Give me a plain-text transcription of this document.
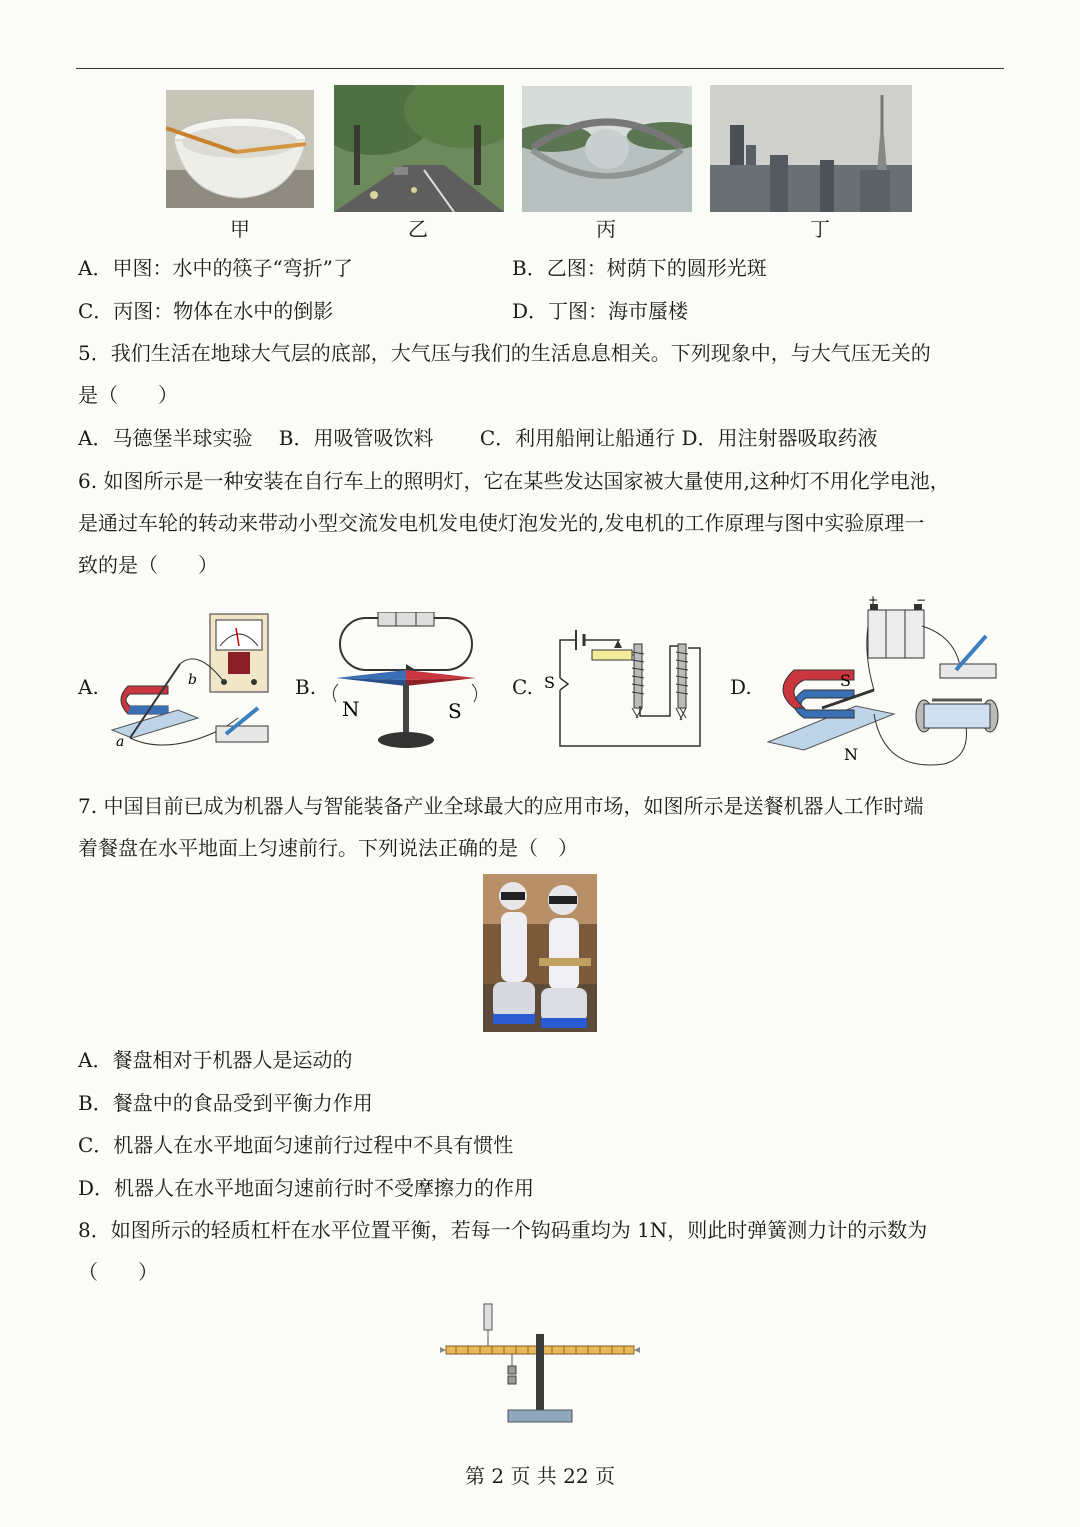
甲	乙	丙	丁
A．甲图：水中的筷子“弯折”了	B．乙图：树荫下的圆形光斑
C．丙图：物体在水中的倒影	D．丁图：海市蜃楼
5．我们生活在地球大气层的底部，大气压与我们的生活息息相关。下列现象中，与大气压无关的
是（　　）
A．马德堡半球实验　 B．用吸管吸饮料　　 C．利用船闸让船通行 D．用注射器吸取药液
6. 如图所示是一种安装在自行车上的照明灯，它在某些发达国家被大量使用,这种灯不用化学电池，
是通过车轮的转动来带动小型交流发电机发电使灯泡发光的,发电机的工作原理与图中实验原理一
致的是（　　）
A.	B.	C.	D.
b
a
N	S
S
+	−
S
N
7. 中国目前已成为机器人与智能装备产业全球最大的应用市场，如图所示是送餐机器人工作时端
着餐盘在水平地面上匀速前行。下列说法正确的是（　）
A．餐盘相对于机器人是运动的
B．餐盘中的食品受到平衡力作用
C．机器人在水平地面匀速前行过程中不具有惯性
D．机器人在水平地面匀速前行时不受摩擦力的作用
8．如图所示的轻质杠杆在水平位置平衡，若每一个钩码重均为 1N，则此时弹簧测力计的示数为
（　　）
第 2 页 共 22 页
